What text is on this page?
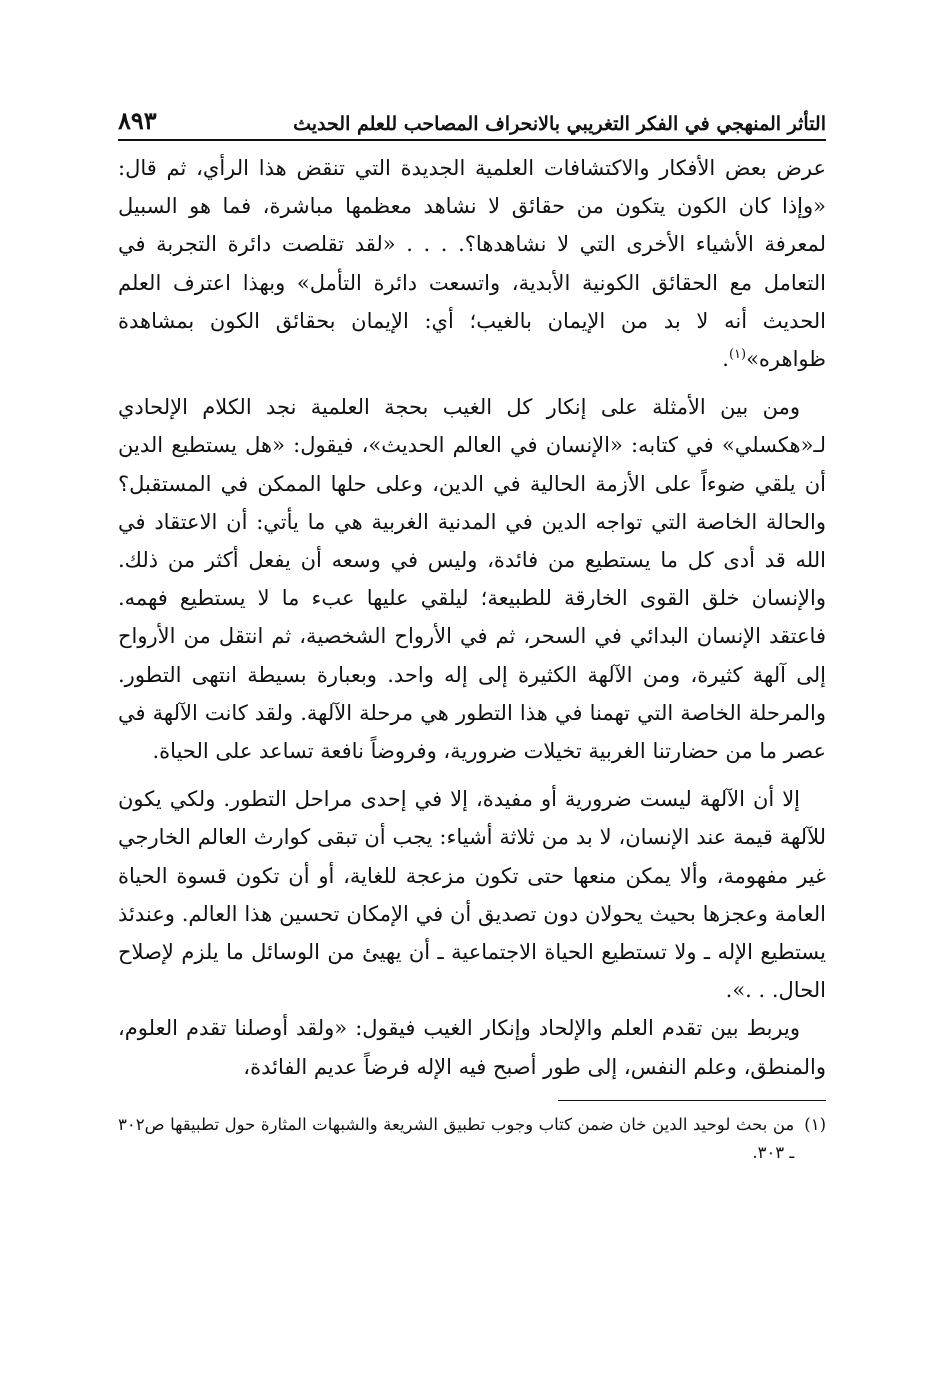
التأثر المنهجي في الفكر التغريبي بالانحراف المصاحب للعلم الحديث
٨٩٣

عرض بعض الأفكار والاكتشافات العلمية الجديدة التي تنقض هذا الرأي، ثم قال: «وإذا كان الكون يتكون من حقائق لا نشاهد معظمها مباشرة، فما هو السبيل لمعرفة الأشياء الأخرى التي لا نشاهدها؟. . . . «لقد تقلصت دائرة التجربة في التعامل مع الحقائق الكونية الأبدية، واتسعت دائرة التأمل» وبهذا اعترف العلم الحديث أنه لا بد من الإيمان بالغيب؛ أي: الإيمان بحقائق الكون بمشاهدة ظواهره»$^{(١)}$.

ومن بين الأمثلة على إنكار كل الغيب بحجة العلمية نجد الكلام الإلحادي لـ«هكسلي» في كتابه: «الإنسان في العالم الحديث»، فيقول: «هل يستطيع الدين أن يلقي ضوءاً على الأزمة الحالية في الدين، وعلى حلها الممكن في المستقبل؟ والحالة الخاصة التي تواجه الدين في المدنية الغربية هي ما يأتي: أن الاعتقاد في الله قد أدى كل ما يستطيع من فائدة، وليس في وسعه أن يفعل أكثر من ذلك. والإنسان خلق القوى الخارقة للطبيعة؛ ليلقي عليها عبء ما لا يستطيع فهمه. فاعتقد الإنسان البدائي في السحر، ثم في الأرواح الشخصية، ثم انتقل من الأرواح إلى آلهة كثيرة، ومن الآلهة الكثيرة إلى إله واحد. وبعبارة بسيطة انتهى التطور. والمرحلة الخاصة التي تهمنا في هذا التطور هي مرحلة الآلهة. ولقد كانت الآلهة في عصر ما من حضارتنا الغربية تخيلات ضرورية، وفروضاً نافعة تساعد على الحياة.

إلا أن الآلهة ليست ضرورية أو مفيدة، إلا في إحدى مراحل التطور. ولكي يكون للآلهة قيمة عند الإنسان، لا بد من ثلاثة أشياء: يجب أن تبقى كوارث العالم الخارجي غير مفهومة، وألا يمكن منعها حتى تكون مزعجة للغاية، أو أن تكون قسوة الحياة العامة وعجزها بحيث يحولان دون تصديق أن في الإمكان تحسين هذا العالم. وعندئذ يستطيع الإله ـ ولا تستطيع الحياة الاجتماعية ـ أن يهيئ من الوسائل ما يلزم لإصلاح الحال. . .».

ويربط بين تقدم العلم والإلحاد وإنكار الغيب فيقول: «ولقد أوصلنا تقدم العلوم، والمنطق، وعلم النفس، إلى طور أصبح فيه الإله فرضاً عديم الفائدة،

(١)
من بحث لوحيد الدين خان ضمن كتاب وجوب تطبيق الشريعة والشبهات المثارة حول تطبيقها ص٣٠٢ ـ ٣٠٣.
